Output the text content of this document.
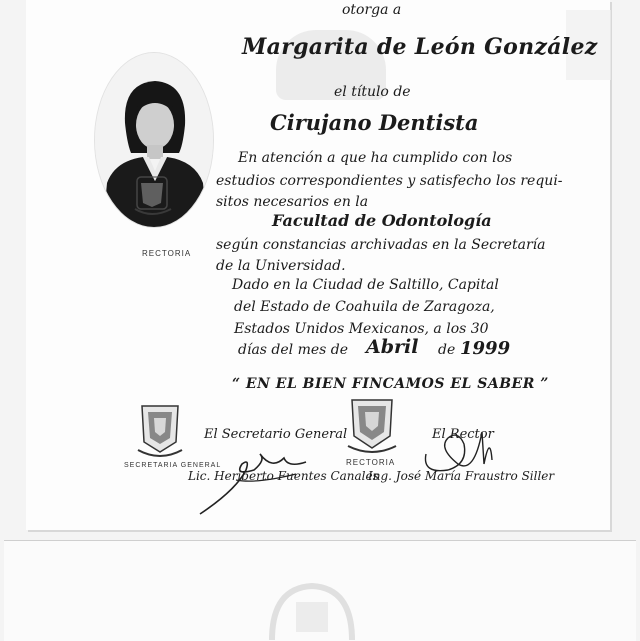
RECTORIA
otorga a
Margarita de León González
el título de
Cirujano Dentista
En atención a que ha cumplido con los
estudios correspondientes y satisfecho los requi-
sitos necesarios en la
Facultad de Odontología
según constancias archivadas en la Secretaría
de la Universidad.
Dado en la Ciudad de Saltillo, Capital
del Estado de Coahuila de Zaragoza,
Estados Unidos Mexicanos, a los 30
días del mes de Abril de 1999
“ EN EL BIEN FINCAMOS EL SABER ”
SECRETARIA GENERAL	RECTORIA
El Secretario General	El Rector
Lic. Heriberto Fuentes Canales
Ing. José María Fraustro Siller
